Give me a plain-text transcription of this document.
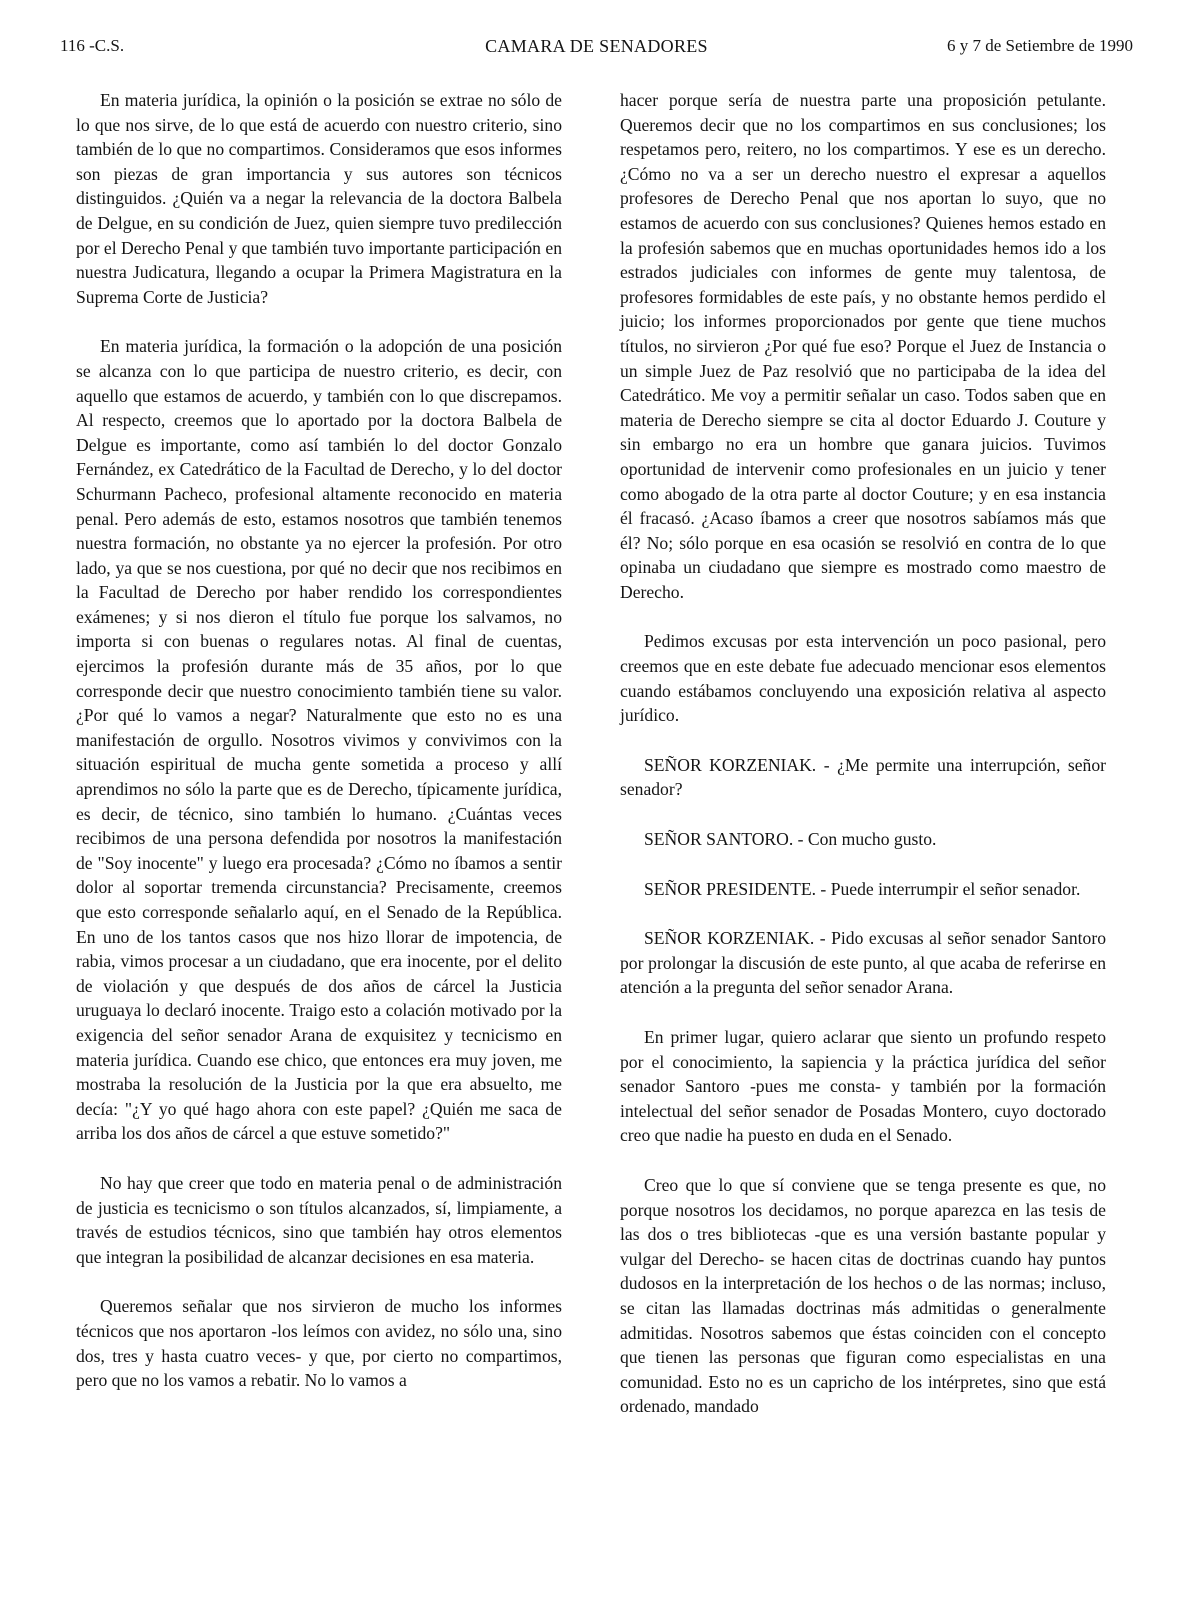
116 -C.S.	CAMARA DE SENADORES	6 y 7 de Setiembre de 1990

En materia jurídica, la opinión o la posición se extrae no sólo de lo que nos sirve, de lo que está de acuerdo con nuestro criterio, sino también de lo que no compartimos. Consideramos que esos informes son piezas de gran importancia y sus autores son técnicos distinguidos. ¿Quién va a negar la relevancia de la doctora Balbela de Delgue, en su condición de Juez, quien siempre tuvo predilección por el Derecho Penal y que también tuvo importante participación en nuestra Judicatura, llegando a ocupar la Primera Magistratura en la Suprema Corte de Justicia?

En materia jurídica, la formación o la adopción de una posición se alcanza con lo que participa de nuestro criterio, es decir, con aquello que estamos de acuerdo, y también con lo que discrepamos. Al respecto, creemos que lo aportado por la doctora Balbela de Delgue es importante, como así también lo del doctor Gonzalo Fernández, ex Catedrático de la Facultad de Derecho, y lo del doctor Schurmann Pacheco, profesional altamente reconocido en materia penal. Pero además de esto, estamos nosotros que también tenemos nuestra formación, no obstante ya no ejercer la profesión. Por otro lado, ya que se nos cuestiona, por qué no decir que nos recibimos en la Facultad de Derecho por haber rendido los correspondientes exámenes; y si nos dieron el título fue porque los salvamos, no importa si con buenas o regulares notas. Al final de cuentas, ejercimos la profesión durante más de 35 años, por lo que corresponde decir que nuestro conocimiento también tiene su valor. ¿Por qué lo vamos a negar? Naturalmente que esto no es una manifestación de orgullo. Nosotros vivimos y convivimos con la situación espiritual de mucha gente sometida a proceso y allí aprendimos no sólo la parte que es de Derecho, típicamente jurídica, es decir, de técnico, sino también lo humano. ¿Cuántas veces recibimos de una persona defendida por nosotros la manifestación de "Soy inocente" y luego era procesada? ¿Cómo no íbamos a sentir dolor al soportar tremenda circunstancia? Precisamente, creemos que esto corresponde señalarlo aquí, en el Senado de la República. En uno de los tantos casos que nos hizo llorar de impotencia, de rabia, vimos procesar a un ciudadano, que era inocente, por el delito de violación y que después de dos años de cárcel la Justicia uruguaya lo declaró inocente. Traigo esto a colación motivado por la exigencia del señor senador Arana de exquisitez y tecnicismo en materia jurídica. Cuando ese chico, que entonces era muy joven, me mostraba la resolución de la Justicia por la que era absuelto, me decía: "¿Y yo qué hago ahora con este papel? ¿Quién me saca de arriba los dos años de cárcel a que estuve sometido?"

No hay que creer que todo en materia penal o de administración de justicia es tecnicismo o son títulos alcanzados, sí, limpiamente, a través de estudios técnicos, sino que también hay otros elementos que integran la posibilidad de alcanzar decisiones en esa materia.

Queremos señalar que nos sirvieron de mucho los informes técnicos que nos aportaron -los leímos con avidez, no sólo una, sino dos, tres y hasta cuatro veces- y que, por cierto no compartimos, pero que no los vamos a rebatir. No lo vamos a

hacer porque sería de nuestra parte una proposición petulante. Queremos decir que no los compartimos en sus conclusiones; los respetamos pero, reitero, no los compartimos. Y ese es un derecho. ¿Cómo no va a ser un derecho nuestro el expresar a aquellos profesores de Derecho Penal que nos aportan lo suyo, que no estamos de acuerdo con sus conclusiones? Quienes hemos estado en la profesión sabemos que en muchas oportunidades hemos ido a los estrados judiciales con informes de gente muy talentosa, de profesores formidables de este país, y no obstante hemos perdido el juicio; los informes proporcionados por gente que tiene muchos títulos, no sirvieron ¿Por qué fue eso? Porque el Juez de Instancia o un simple Juez de Paz resolvió que no participaba de la idea del Catedrático. Me voy a permitir señalar un caso. Todos saben que en materia de Derecho siempre se cita al doctor Eduardo J. Couture y sin embargo no era un hombre que ganara juicios. Tuvimos oportunidad de intervenir como profesionales en un juicio y tener como abogado de la otra parte al doctor Couture; y en esa instancia él fracasó. ¿Acaso íbamos a creer que nosotros sabíamos más que él? No; sólo porque en esa ocasión se resolvió en contra de lo que opinaba un ciudadano que siempre es mostrado como maestro de Derecho.

Pedimos excusas por esta intervención un poco pasional, pero creemos que en este debate fue adecuado mencionar esos elementos cuando estábamos concluyendo una exposición relativa al aspecto jurídico.

SEÑOR KORZENIAK. - ¿Me permite una interrupción, señor senador?

SEÑOR SANTORO. - Con mucho gusto.

SEÑOR PRESIDENTE. - Puede interrumpir el señor senador.

SEÑOR KORZENIAK. - Pido excusas al señor senador Santoro por prolongar la discusión de este punto, al que acaba de referirse en atención a la pregunta del señor senador Arana.

En primer lugar, quiero aclarar que siento un profundo respeto por el conocimiento, la sapiencia y la práctica jurídica del señor senador Santoro -pues me consta- y también por la formación intelectual del señor senador de Posadas Montero, cuyo doctorado creo que nadie ha puesto en duda en el Senado.

Creo que lo que sí conviene que se tenga presente es que, no porque nosotros los decidamos, no porque aparezca en las tesis de las dos o tres bibliotecas -que es una versión bastante popular y vulgar del Derecho- se hacen citas de doctrinas cuando hay puntos dudosos en la interpretación de los hechos o de las normas; incluso, se citan las llamadas doctrinas más admitidas o generalmente admitidas. Nosotros sabemos que éstas coinciden con el concepto que tienen las personas que figuran como especialistas en una comunidad. Esto no es un capricho de los intérpretes, sino que está ordenado, mandado
